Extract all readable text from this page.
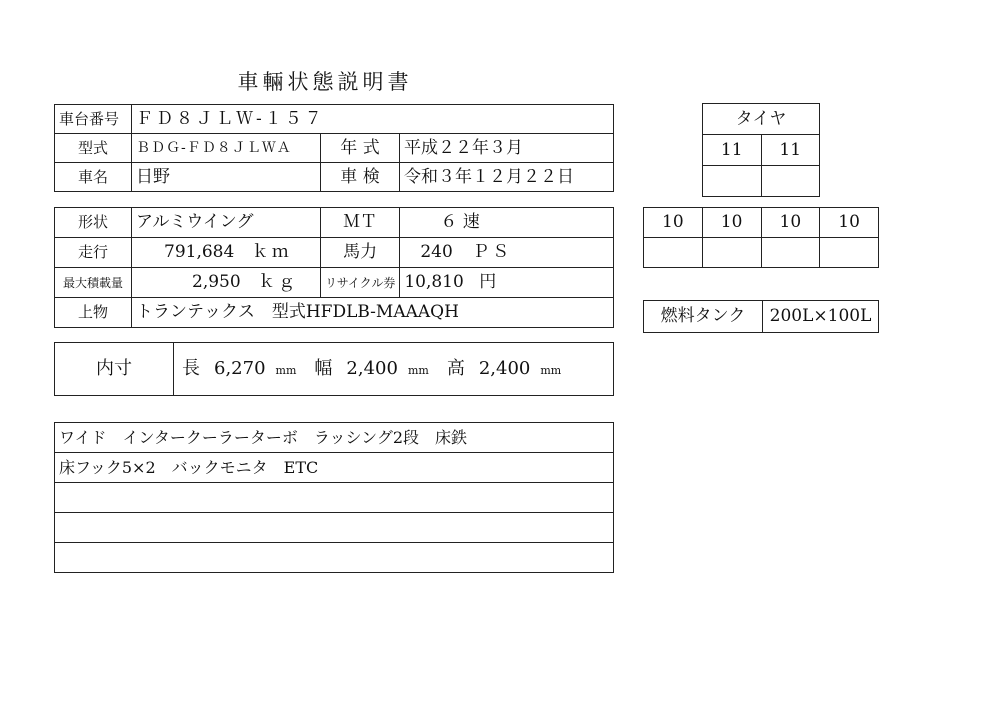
車輛状態説明書
車台番号	ＦＤ８ＪＬＷ-１５７		
型式	ＢＤＧ-ＦＤ８ＪＬＷＡ	年 式	平成２２年３月
車名	日野	車 検	令和３年１２月２２日
形状	アルミウイング	ＭＴ	６ 速
走行	791,684 ｋｍ	馬力	240 ＰＳ
最大積載量	2,950 ｋｇ	リサイクル券	10,810 円
上物	トランテックス　型式HFDLB-MAAAQH		
内寸	長 6,270 mm 幅 2,400 mm 高 2,400 mm
ワイド　インタークーラーターボ　ラッシング2段　床鉄
床フック5×2　バックモニタ　ETC

タイヤ	
11	11

10	10	10	10

燃料タンク	200L×100L
